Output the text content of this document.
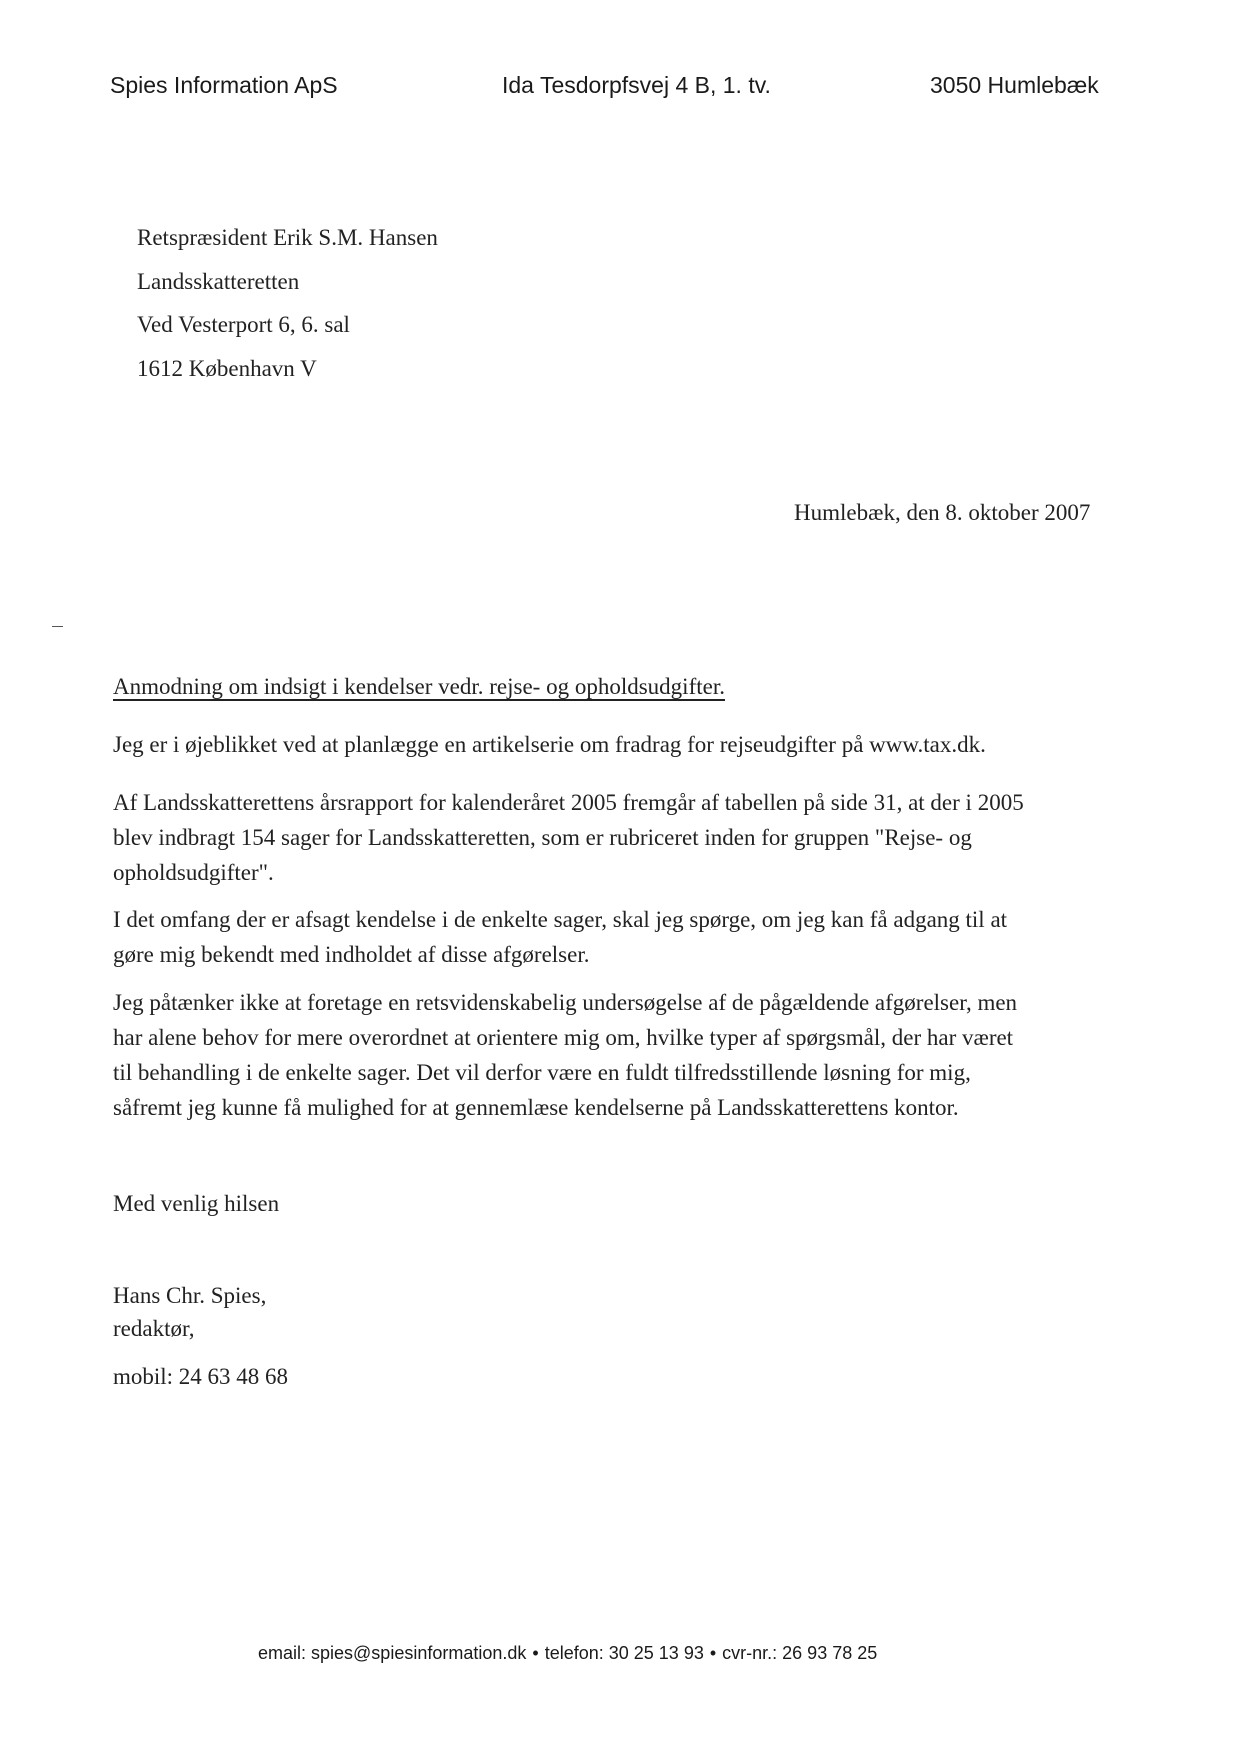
Spies Information ApS	Ida Tesdorpfsvej 4 B, 1. tv.	3050 Humlebæk
Retspræsident Erik S.M. Hansen
Landsskatteretten
Ved Vesterport 6, 6. sal
1612 København V
Humlebæk, den 8. oktober 2007
Anmodning om indsigt i kendelser vedr. rejse- og opholdsudgifter.
Jeg er i øjeblikket ved at planlægge en artikelserie om fradrag for rejseudgifter på www.tax.dk.
Af Landsskatterettens årsrapport for kalenderåret 2005 fremgår af tabellen på side 31, at der i 2005
blev indbragt 154 sager for Landsskatteretten, som er rubriceret inden for gruppen "Rejse- og
opholdsudgifter".
I det omfang der er afsagt kendelse i de enkelte sager, skal jeg spørge, om jeg kan få adgang til at
gøre mig bekendt med indholdet af disse afgørelser.
Jeg påtænker ikke at foretage en retsvidenskabelig undersøgelse af de pågældende afgørelser, men
har alene behov for mere overordnet at orientere mig om, hvilke typer af spørgsmål, der har været
til behandling i de enkelte sager. Det vil derfor være en fuldt tilfredsstillende løsning for mig,
såfremt jeg kunne få mulighed for at gennemlæse kendelserne på Landsskatterettens kontor.
Med venlig hilsen
Hans Chr. Spies,
redaktør,
mobil: 24 63 48 68
email: spies@spiesinformation.dk • telefon: 30 25 13 93 • cvr-nr.: 26 93 78 25
